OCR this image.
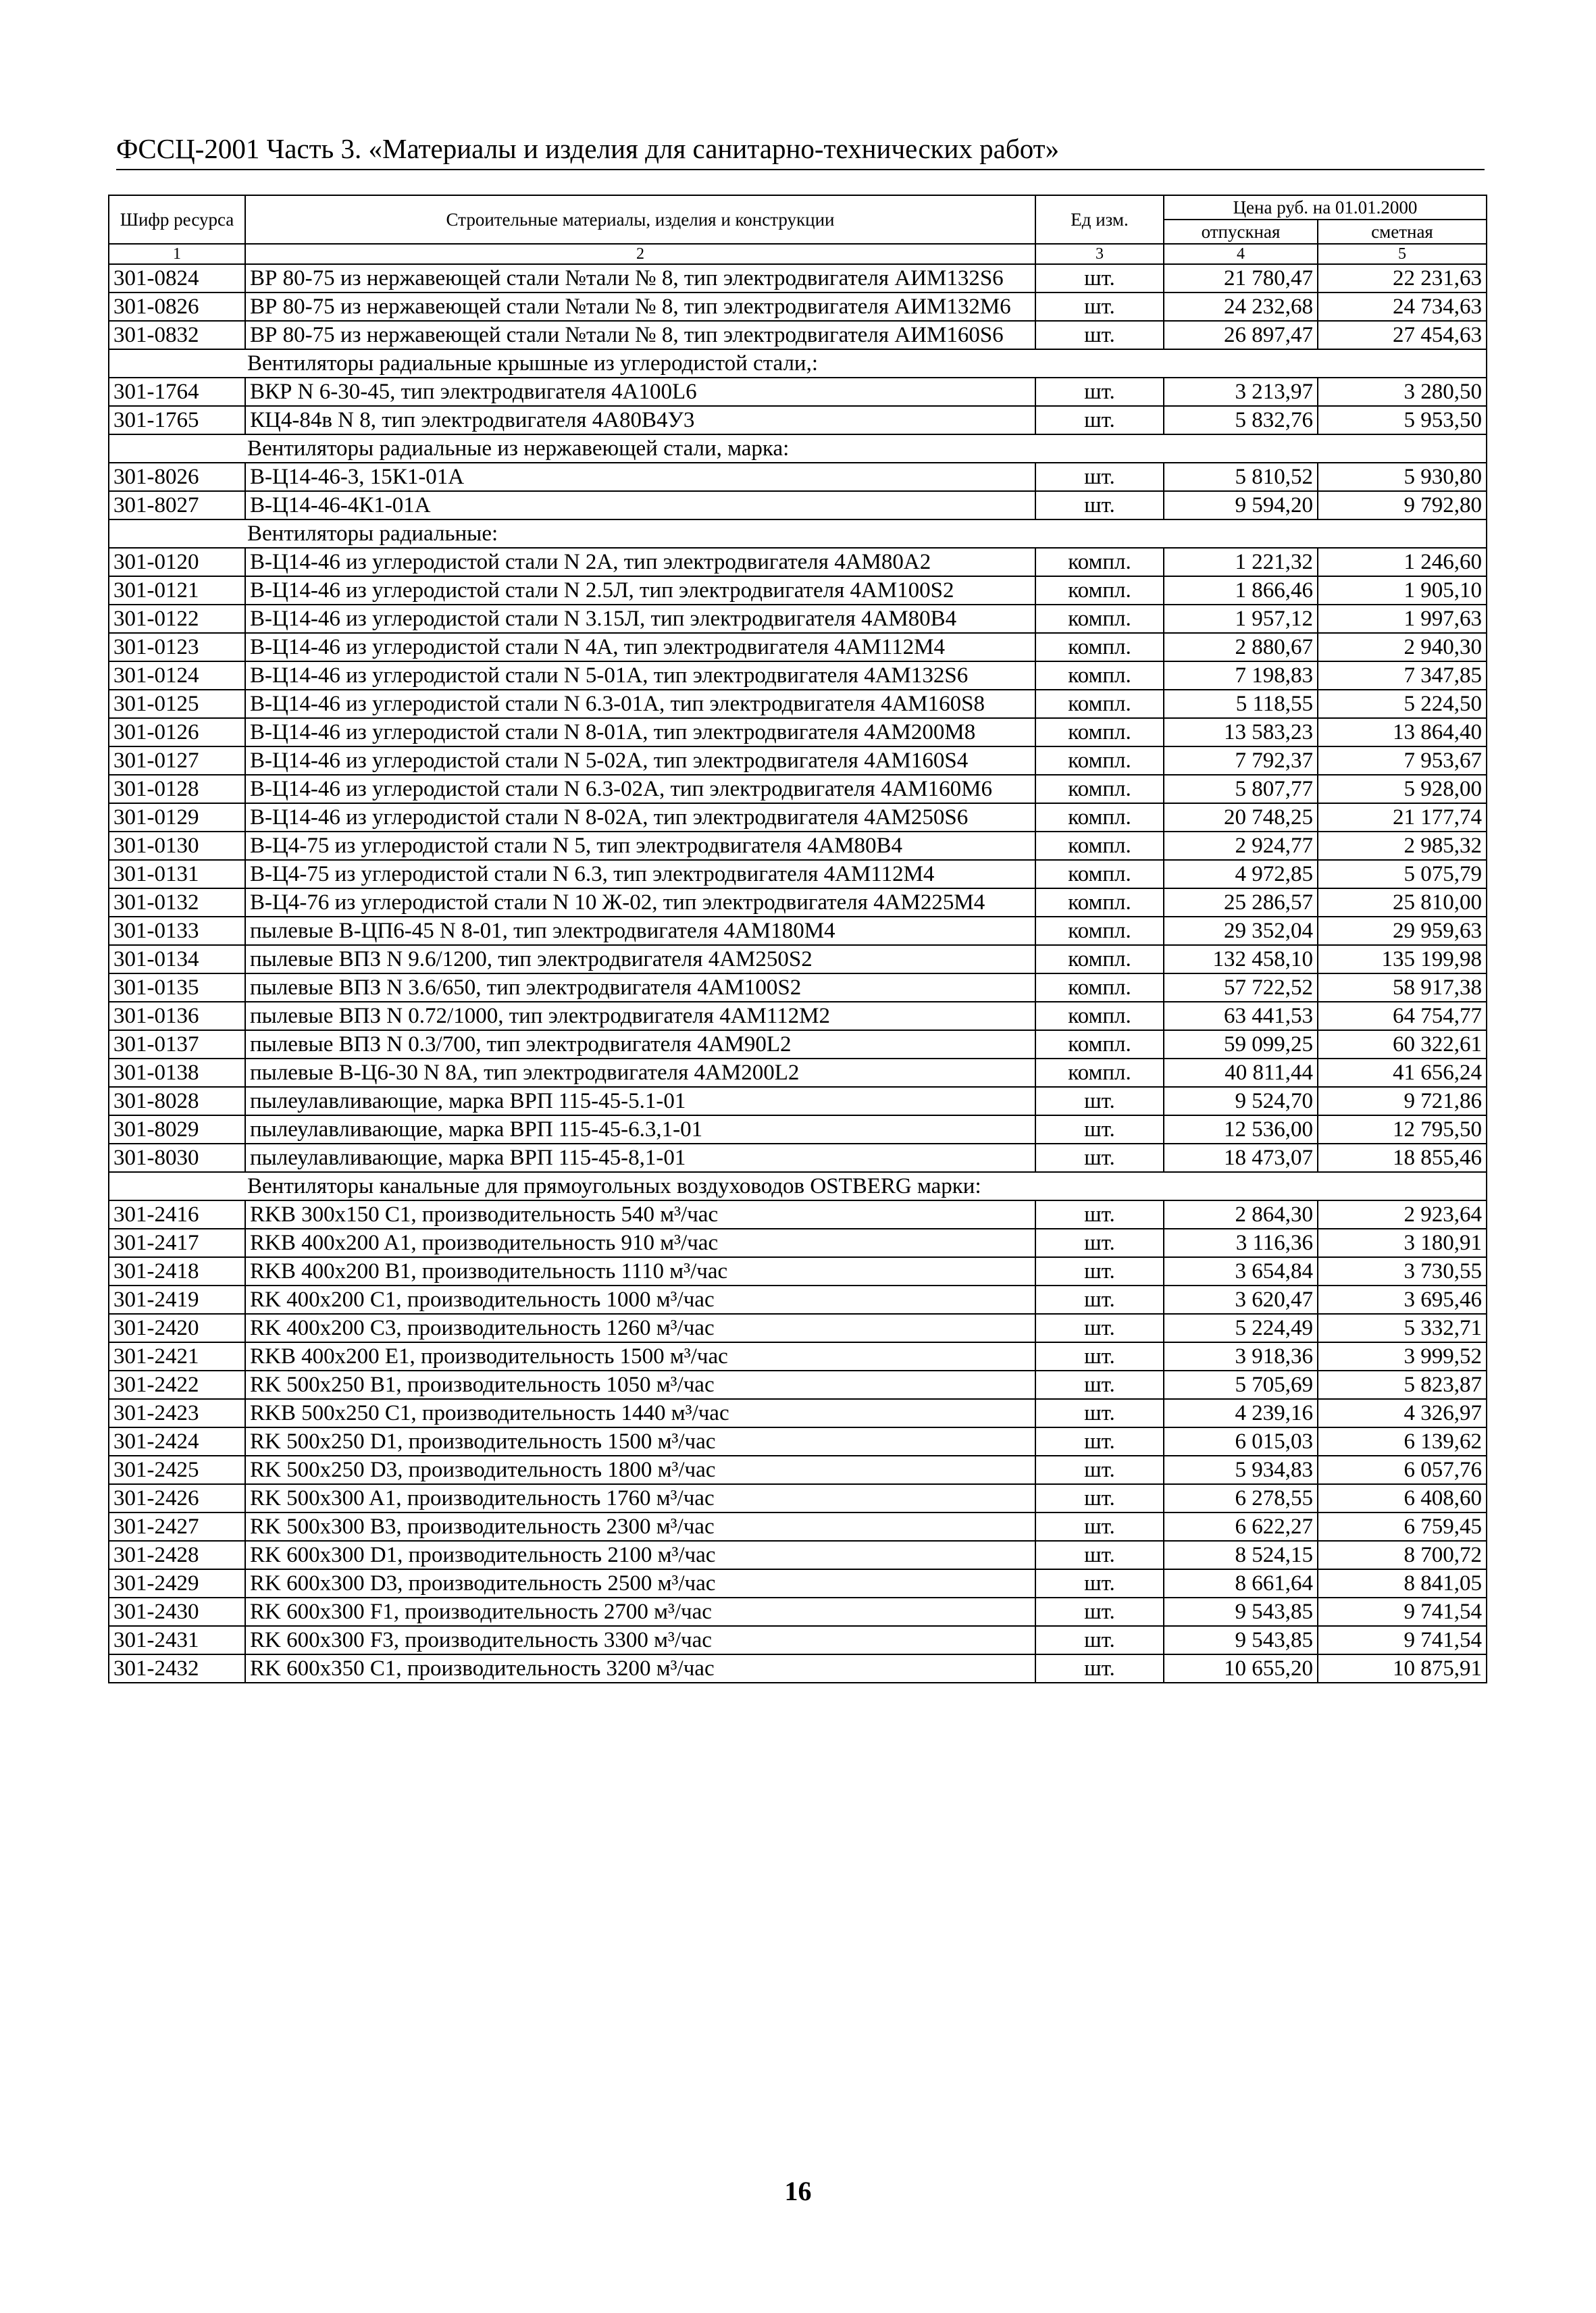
ФССЦ-2001 Часть 3. «Материалы и изделия для санитарно-технических работ»
Шифр ресурса	Строительные материалы, изделия и конструкции	Ед изм.	Цена руб. на 01.01.2000	
			отпускная	сметная
1	2	3	4	5
301-0824	ВР 80-75 из нержавеющей стали №тали № 8, тип электродвигателя АИМ132S6	шт.	21 780,47	22 231,63
301-0826	ВР 80-75 из нержавеющей стали №тали № 8, тип электродвигателя АИМ132М6	шт.	24 232,68	24 734,63
301-0832	ВР 80-75 из нержавеющей стали №тали № 8, тип электродвигателя АИМ160S6	шт.	26 897,47	27 454,63
Вентиляторы радиальные крышные из углеродистой стали,:				
301-1764	ВКР N 6-30-45, тип электродвигателя 4А100L6	шт.	3 213,97	3 280,50
301-1765	КЦ4-84в N 8, тип электродвигателя 4А80В4У3	шт.	5 832,76	5 953,50
Вентиляторы радиальные из нержавеющей стали, марка:				
301-8026	В-Ц14-46-3, 15К1-01А	шт.	5 810,52	5 930,80
301-8027	В-Ц14-46-4К1-01А	шт.	9 594,20	9 792,80
Вентиляторы радиальные:				
301-0120	В-Ц14-46 из углеродистой стали N 2А, тип электродвигателя 4АМ80А2	компл.	1 221,32	1 246,60
301-0121	В-Ц14-46 из углеродистой стали N 2.5Л, тип электродвигателя 4АМ100S2	компл.	1 866,46	1 905,10
301-0122	В-Ц14-46 из углеродистой стали N 3.15Л, тип электродвигателя 4АМ80В4	компл.	1 957,12	1 997,63
301-0123	В-Ц14-46 из углеродистой стали N 4А, тип электродвигателя 4АМ112М4	компл.	2 880,67	2 940,30
301-0124	В-Ц14-46 из углеродистой стали N 5-01А, тип электродвигателя 4АМ132S6	компл.	7 198,83	7 347,85
301-0125	В-Ц14-46 из углеродистой стали N 6.3-01А, тип электродвигателя 4АМ160S8	компл.	5 118,55	5 224,50
301-0126	В-Ц14-46 из углеродистой стали N 8-01А, тип электродвигателя 4АМ200М8	компл.	13 583,23	13 864,40
301-0127	В-Ц14-46 из углеродистой стали N 5-02А, тип электродвигателя 4АМ160S4	компл.	7 792,37	7 953,67
301-0128	В-Ц14-46 из углеродистой стали N 6.3-02А, тип электродвигателя 4АМ160М6	компл.	5 807,77	5 928,00
301-0129	В-Ц14-46 из углеродистой стали N 8-02А, тип электродвигателя 4АМ250S6	компл.	20 748,25	21 177,74
301-0130	В-Ц4-75 из углеродистой стали N 5, тип электродвигателя 4АМ80В4	компл.	2 924,77	2 985,32
301-0131	В-Ц4-75 из углеродистой стали N 6.3, тип электродвигателя 4АМ112М4	компл.	4 972,85	5 075,79
301-0132	В-Ц4-76 из углеродистой стали N 10 Ж-02, тип электродвигателя 4АМ225М4	компл.	25 286,57	25 810,00
301-0133	пылевые В-ЦП6-45 N 8-01, тип электродвигателя 4АМ180М4	компл.	29 352,04	29 959,63
301-0134	пылевые ВПЗ N 9.6/1200, тип электродвигателя 4АМ250S2	компл.	132 458,10	135 199,98
301-0135	пылевые ВПЗ N 3.6/650, тип электродвигателя 4АМ100S2	компл.	57 722,52	58 917,38
301-0136	пылевые ВПЗ N 0.72/1000, тип электродвигателя 4АМ112М2	компл.	63 441,53	64 754,77
301-0137	пылевые ВПЗ N 0.3/700, тип электродвигателя 4АМ90L2	компл.	59 099,25	60 322,61
301-0138	пылевые В-Ц6-30 N 8А, тип электродвигателя 4АМ200L2	компл.	40 811,44	41 656,24
301-8028	пылеулавливающие, марка ВРП 115-45-5.1-01	шт.	9 524,70	9 721,86
301-8029	пылеулавливающие, марка ВРП 115-45-6.3,1-01	шт.	12 536,00	12 795,50
301-8030	пылеулавливающие, марка ВРП 115-45-8,1-01	шт.	18 473,07	18 855,46
Вентиляторы канальные для прямоугольных воздуховодов OSTBERG марки:				
301-2416	RKB 300x150 C1, производительность 540 м³/час	шт.	2 864,30	2 923,64
301-2417	RKB 400x200 A1, производительность 910 м³/час	шт.	3 116,36	3 180,91
301-2418	RKB 400x200 B1, производительность 1110 м³/час	шт.	3 654,84	3 730,55
301-2419	RK 400x200 C1, производительность 1000 м³/час	шт.	3 620,47	3 695,46
301-2420	RK 400x200 C3, производительность 1260 м³/час	шт.	5 224,49	5 332,71
301-2421	RKB 400x200 E1, производительность 1500 м³/час	шт.	3 918,36	3 999,52
301-2422	RK 500x250 B1, производительность 1050 м³/час	шт.	5 705,69	5 823,87
301-2423	RKB 500x250 C1, производительность 1440 м³/час	шт.	4 239,16	4 326,97
301-2424	RK 500x250 D1, производительность 1500 м³/час	шт.	6 015,03	6 139,62
301-2425	RK 500x250 D3, производительность 1800 м³/час	шт.	5 934,83	6 057,76
301-2426	RK 500x300 A1, производительность 1760 м³/час	шт.	6 278,55	6 408,60
301-2427	RK 500x300 B3, производительность 2300 м³/час	шт.	6 622,27	6 759,45
301-2428	RK 600x300 D1, производительность 2100 м³/час	шт.	8 524,15	8 700,72
301-2429	RK 600x300 D3, производительность 2500 м³/час	шт.	8 661,64	8 841,05
301-2430	RK 600x300 F1, производительность 2700 м³/час	шт.	9 543,85	9 741,54
301-2431	RK 600x300 F3, производительность 3300 м³/час	шт.	9 543,85	9 741,54
301-2432	RK 600x350 C1, производительность 3200 м³/час	шт.	10 655,20	10 875,91
16
